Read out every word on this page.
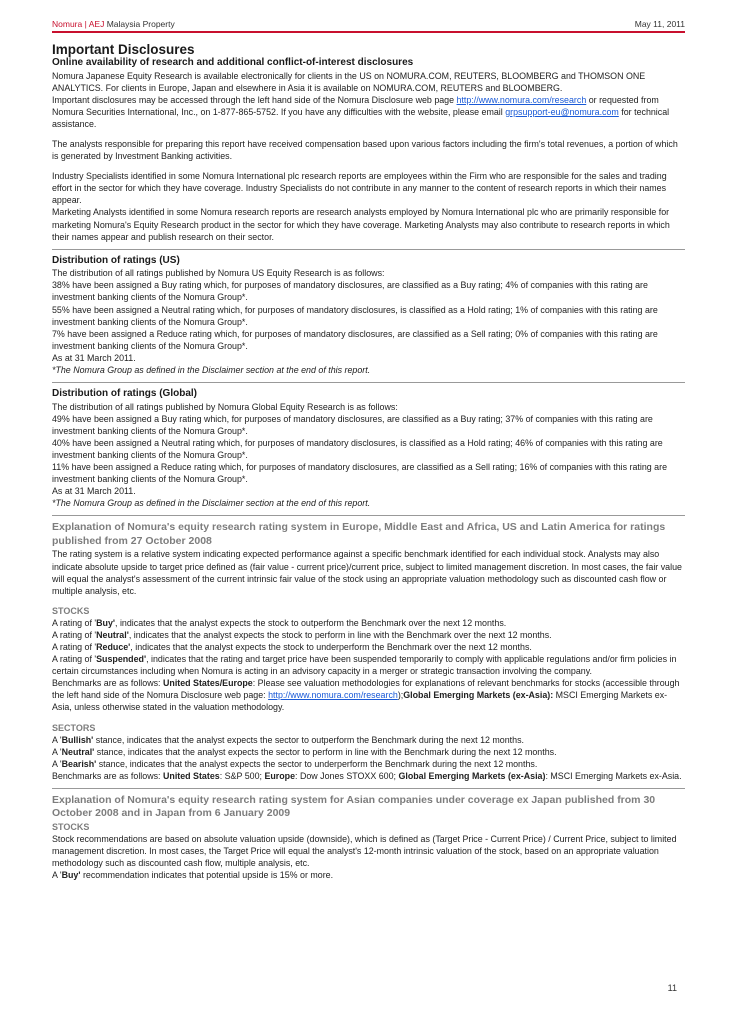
Nomura | AEJ Malaysia Property	May 11, 2011
Important Disclosures
Online availability of research and additional conflict-of-interest disclosures

Nomura Japanese Equity Research is available electronically for clients in the US on NOMURA.COM, REUTERS, BLOOMBERG and THOMSON ONE ANALYTICS. For clients in Europe, Japan and elsewhere in Asia it is available on NOMURA.COM, REUTERS and BLOOMBERG.

Important disclosures may be accessed through the left hand side of the Nomura Disclosure web page http://www.nomura.com/research or requested from Nomura Securities International, Inc., on 1-877-865-5752. If you have any difficulties with the website, please email grpsupport-eu@nomura.com for technical assistance.

The analysts responsible for preparing this report have received compensation based upon various factors including the firm's total revenues, a portion of which is generated by Investment Banking activities.

Industry Specialists identified in some Nomura International plc research reports are employees within the Firm who are responsible for the sales and trading effort in the sector for which they have coverage. Industry Specialists do not contribute in any manner to the content of research reports in which their names appear.

Marketing Analysts identified in some Nomura research reports are research analysts employed by Nomura International plc who are primarily responsible for marketing Nomura's Equity Research product in the sector for which they have coverage. Marketing Analysts may also contribute to research reports in which their names appear and publish research on their sector.

Distribution of ratings (US)

The distribution of all ratings published by Nomura US Equity Research is as follows:

38% have been assigned a Buy rating which, for purposes of mandatory disclosures, are classified as a Buy rating; 4% of companies with this rating are investment banking clients of the Nomura Group*.

55% have been assigned a Neutral rating which, for purposes of mandatory disclosures, is classified as a Hold rating; 1% of companies with this rating are investment banking clients of the Nomura Group*.

7% have been assigned a Reduce rating which, for purposes of mandatory disclosures, are classified as a Sell rating; 0% of companies with this rating are investment banking clients of the Nomura Group*.

As at 31 March 2011.

*The Nomura Group as defined in the Disclaimer section at the end of this report.

Distribution of ratings (Global)

The distribution of all ratings published by Nomura Global Equity Research is as follows:

49% have been assigned a Buy rating which, for purposes of mandatory disclosures, are classified as a Buy rating; 37% of companies with this rating are investment banking clients of the Nomura Group*.

40% have been assigned a Neutral rating which, for purposes of mandatory disclosures, is classified as a Hold rating; 46% of companies with this rating are investment banking clients of the Nomura Group*.

11% have been assigned a Reduce rating which, for purposes of mandatory disclosures, are classified as a Sell rating; 16% of companies with this rating are investment banking clients of the Nomura Group*.

As at 31 March 2011.

*The Nomura Group as defined in the Disclaimer section at the end of this report.

Explanation of Nomura's equity research rating system in Europe, Middle East and Africa, US and Latin America for ratings published from 27 October 2008

The rating system is a relative system indicating expected performance against a specific benchmark identified for each individual stock. Analysts may also indicate absolute upside to target price defined as (fair value - current price)/current price, subject to limited management discretion. In most cases, the fair value will equal the analyst's assessment of the current intrinsic fair value of the stock using an appropriate valuation methodology such as discounted cash flow or multiple analysis, etc.

STOCKS

A rating of 'Buy', indicates that the analyst expects the stock to outperform the Benchmark over the next 12 months.

A rating of 'Neutral', indicates that the analyst expects the stock to perform in line with the Benchmark over the next 12 months.

A rating of 'Reduce', indicates that the analyst expects the stock to underperform the Benchmark over the next 12 months.

A rating of 'Suspended', indicates that the rating and target price have been suspended temporarily to comply with applicable regulations and/or firm policies in certain circumstances including when Nomura is acting in an advisory capacity in a merger or strategic transaction involving the company.

Benchmarks are as follows: United States/Europe: Please see valuation methodologies for explanations of relevant benchmarks for stocks (accessible through the left hand side of the Nomura Disclosure web page: http://www.nomura.com/research);Global Emerging Markets (ex-Asia): MSCI Emerging Markets ex-Asia, unless otherwise stated in the valuation methodology.

SECTORS

A 'Bullish' stance, indicates that the analyst expects the sector to outperform the Benchmark during the next 12 months.

A 'Neutral' stance, indicates that the analyst expects the sector to perform in line with the Benchmark during the next 12 months.

A 'Bearish' stance, indicates that the analyst expects the sector to underperform the Benchmark during the next 12 months.

Benchmarks are as follows: United States: S&P 500; Europe: Dow Jones STOXX 600; Global Emerging Markets (ex-Asia): MSCI Emerging Markets ex-Asia.

Explanation of Nomura's equity research rating system for Asian companies under coverage ex Japan published from 30 October 2008 and in Japan from 6 January 2009
STOCKS

Stock recommendations are based on absolute valuation upside (downside), which is defined as (Target Price - Current Price) / Current Price, subject to limited management discretion. In most cases, the Target Price will equal the analyst's 12-month intrinsic valuation of the stock, based on an appropriate valuation methodology such as discounted cash flow, multiple analysis, etc.

A 'Buy' recommendation indicates that potential upside is 15% or more.

11
